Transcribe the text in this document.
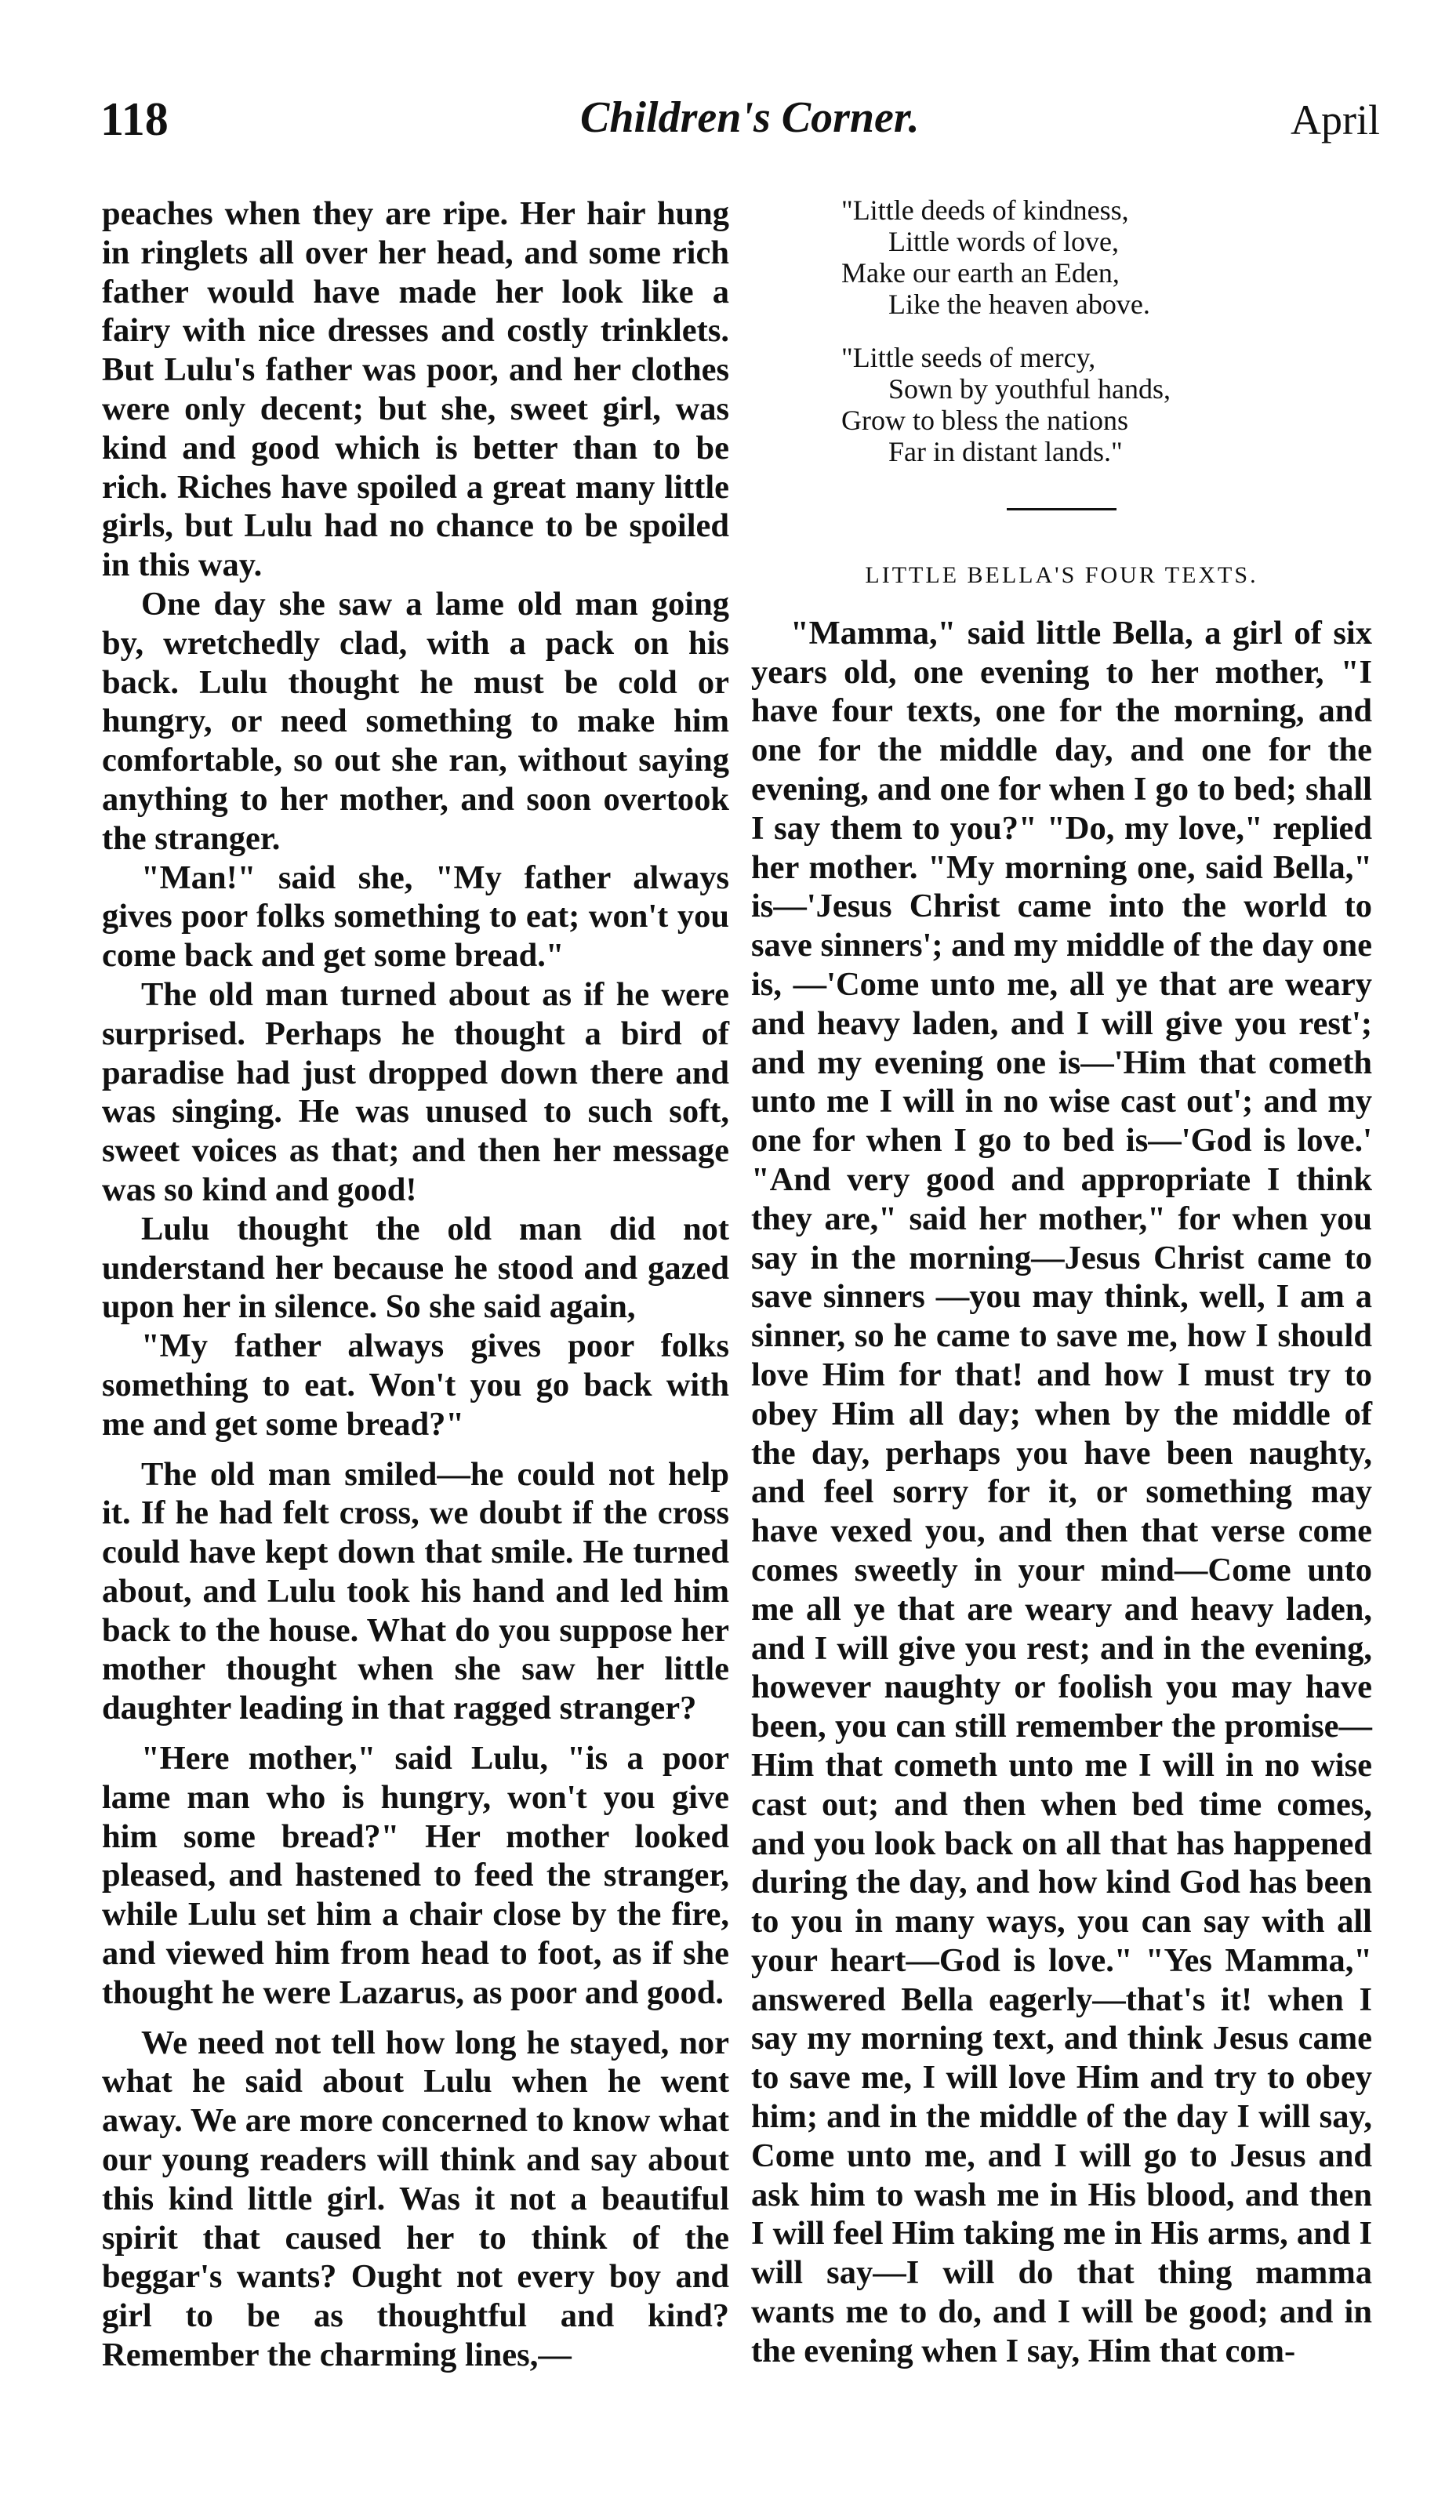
118	Children's Corner.	April

peaches when they are ripe. Her hair hung in ringlets all over her head, and some rich father would have made her look like a fairy with nice dresses and costly trinklets. But Lulu's father was poor, and her clothes were only decent; but she, sweet girl, was kind and good which is better than to be rich. Riches have spoiled a great many little girls, but Lulu had no chance to be spoiled in this way.

One day she saw a lame old man going by, wretchedly clad, with a pack on his back. Lulu thought he must be cold or hungry, or need something to make him comfortable, so out she ran, without saying anything to her mother, and soon overtook the stranger.

"Man!" said she, "My father always gives poor folks something to eat; won't you come back and get some bread."

The old man turned about as if he were surprised. Perhaps he thought a bird of paradise had just dropped down there and was singing. He was unused to such soft, sweet voices as that; and then her message was so kind and good!

Lulu thought the old man did not understand her because he stood and gazed upon her in silence. So she said again,

"My father always gives poor folks something to eat. Won't you go back with me and get some bread?"

The old man smiled—he could not help it. If he had felt cross, we doubt if the cross could have kept down that smile. He turned about, and Lulu took his hand and led him back to the house. What do you suppose her mother thought when she saw her little daughter leading in that ragged stranger?

"Here mother," said Lulu, "is a poor lame man who is hungry, won't you give him some bread?" Her mother looked pleased, and hastened to feed the stranger, while Lulu set him a chair close by the fire, and viewed him from head to foot, as if she thought he were Lazarus, as poor and good.

We need not tell how long he stayed, nor what he said about Lulu when he went away. We are more concerned to know what our young readers will think and say about this kind little girl. Was it not a beautiful spirit that caused her to think of the beggar's wants? Ought not every boy and girl to be as thoughtful and kind? Remember the charming lines,—

"Little deeds of kindness,
Little words of love,
Make our earth an Eden,
Like the heaven above.
"Little seeds of mercy,
Sown by youthful hands,
Grow to bless the nations
Far in distant lands."
LITTLE BELLA'S FOUR TEXTS.

"Mamma," said little Bella, a girl of six years old, one evening to her mother, "I have four texts, one for the morning, and one for the middle day, and one for the evening, and one for when I go to bed; shall I say them to you?" "Do, my love," replied her mother. "My morning one, said Bella," is—'Jesus Christ came into the world to save sinners'; and my middle of the day one is, —'Come unto me, all ye that are weary and heavy laden, and I will give you rest'; and my evening one is—'Him that cometh unto me I will in no wise cast out'; and my one for when I go to bed is—'God is love.' "And very good and appropriate I think they are," said her mother," for when you say in the morning—Jesus Christ came to save sinners —you may think, well, I am a sinner, so he came to save me, how I should love Him for that! and how I must try to obey Him all day; when by the middle of the day, perhaps you have been naughty, and feel sorry for it, or something may have vexed you, and then that verse come comes sweetly in your mind—Come unto me all ye that are weary and heavy laden, and I will give you rest; and in the evening, however naughty or foolish you may have been, you can still remember the promise—Him that cometh unto me I will in no wise cast out; and then when bed time comes, and you look back on all that has happened during the day, and how kind God has been to you in many ways, you can say with all your heart—God is love." "Yes Mamma," answered Bella eagerly—that's it! when I say my morning text, and think Jesus came to save me, I will love Him and try to obey him; and in the middle of the day I will say, Come unto me, and I will go to Jesus and ask him to wash me in His blood, and then I will feel Him taking me in His arms, and I will say—I will do that thing mamma wants me to do, and I will be good; and in the evening when I say, Him that com-
